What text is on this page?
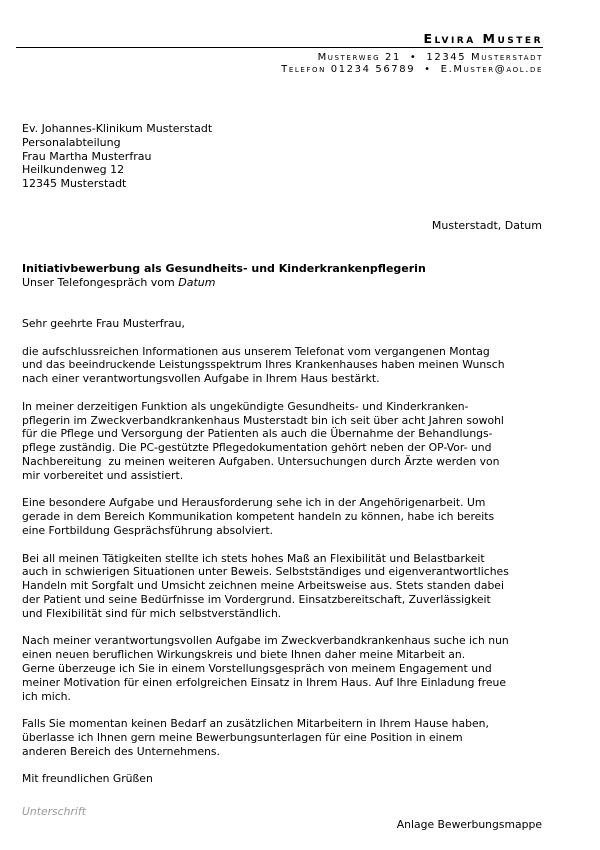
Elvira Muster
Musterweg 21 • 12345 Musterstadt
Telefon 01234 56789 • E.Muster@aol.de
Ev. Johannes-Klinikum Musterstadt
Personalabteilung
Frau Martha Musterfrau
Heilkundenweg 12
12345 Musterstadt
Musterstadt, Datum
Initiativbewerbung als Gesundheits- und Kinderkrankenpflegerin
Unser Telefongespräch vom Datum

Sehr geehrte Frau Musterfrau,

die aufschlussreichen Informationen aus unserem Telefonat vom vergangenen Montag
und das beeindruckende Leistungsspektrum Ihres Krankenhauses haben meinen Wunsch
nach einer verantwortungsvollen Aufgabe in Ihrem Haus bestärkt.

In meiner derzeitigen Funktion als ungekündigte Gesundheits- und Kinderkranken-
pflegerin im Zweckverbandkrankenhaus Musterstadt bin ich seit über acht Jahren sowohl
für die Pflege und Versorgung der Patienten als auch die Übernahme der Behandlungs-
pflege zuständig. Die PC-gestützte Pflegedokumentation gehört neben der OP-Vor- und
Nachbereitung  zu meinen weiteren Aufgaben. Untersuchungen durch Ärzte werden von
mir vorbereitet und assistiert.

Eine besondere Aufgabe und Herausforderung sehe ich in der Angehörigenarbeit. Um
gerade in dem Bereich Kommunikation kompetent handeln zu können, habe ich bereits
eine Fortbildung Gesprächsführung absolviert.

Bei all meinen Tätigkeiten stellte ich stets hohes Maß an Flexibilität und Belastbarkeit
auch in schwierigen Situationen unter Beweis. Selbstständiges und eigenverantwortliches
Handeln mit Sorgfalt und Umsicht zeichnen meine Arbeitsweise aus. Stets standen dabei
der Patient und seine Bedürfnisse im Vordergrund. Einsatzbereitschaft, Zuverlässigkeit
und Flexibilität sind für mich selbstverständlich.

Nach meiner verantwortungsvollen Aufgabe im Zweckverbandkrankenhaus suche ich nun
einen neuen beruflichen Wirkungskreis und biete Ihnen daher meine Mitarbeit an.
Gerne überzeuge ich Sie in einem Vorstellungsgespräch von meinem Engagement und
meiner Motivation für einen erfolgreichen Einsatz in Ihrem Haus. Auf Ihre Einladung freue
ich mich.

Falls Sie momentan keinen Bedarf an zusätzlichen Mitarbeitern in Ihrem Hause haben,
überlasse ich Ihnen gern meine Bewerbungsunterlagen für eine Position in einem
anderen Bereich des Unternehmens.

Mit freundlichen Grüßen

Unterschrift
Anlage Bewerbungsmappe
